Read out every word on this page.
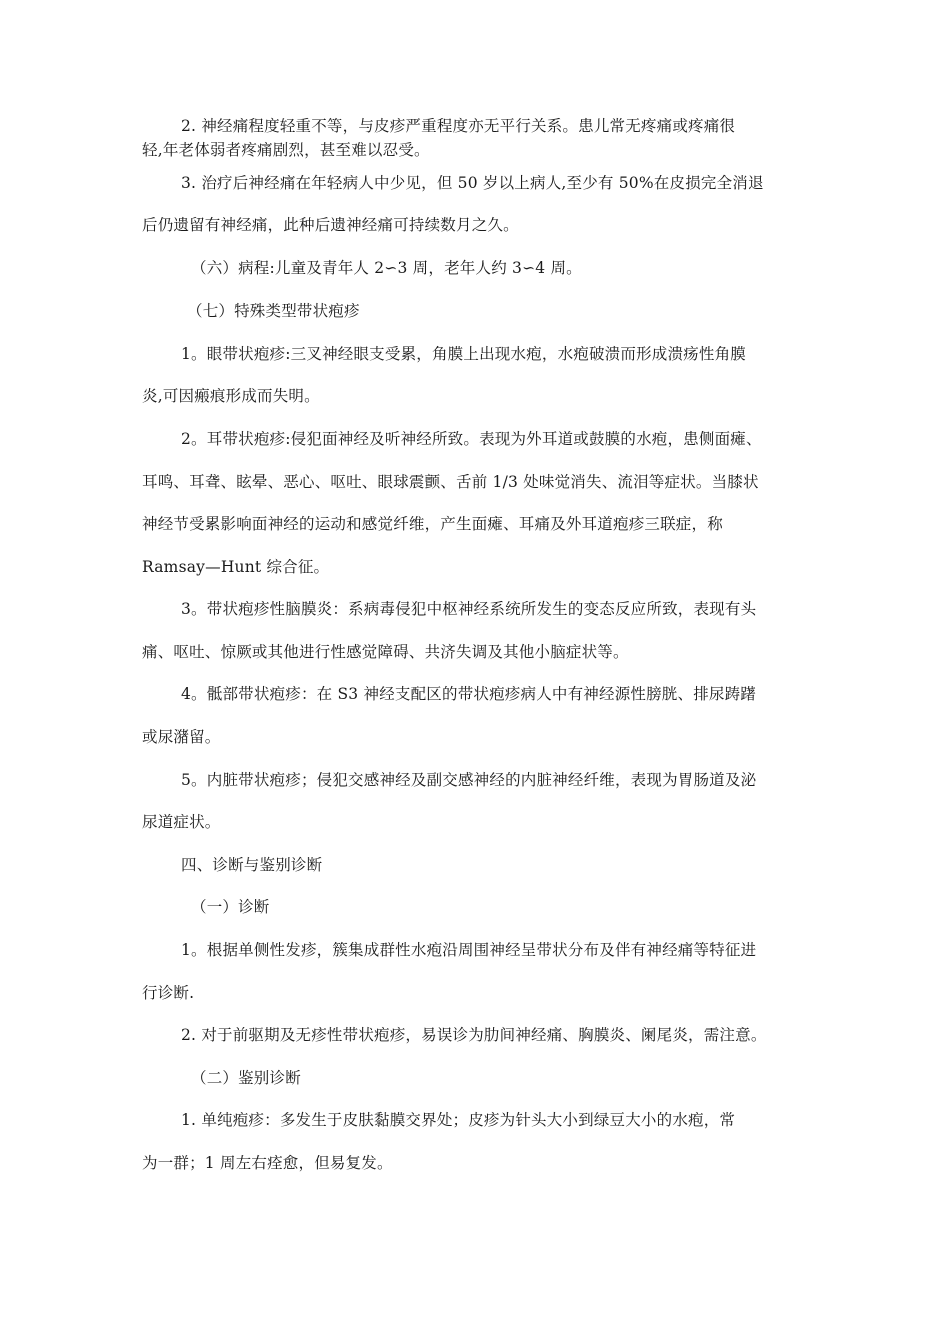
2. 神经痛程度轻重不等，与皮疹严重程度亦无平行关系。患儿常无疼痛或疼痛很
轻,年老体弱者疼痛剧烈，甚至难以忍受。
3. 治疗后神经痛在年轻病人中少见，但 50 岁以上病人,至少有 50%在皮损完全消退
后仍遗留有神经痛，此种后遗神经痛可持续数月之久。
（六）病程:儿童及青年人 2∽3 周，老年人约 3∽4 周。
（七）特殊类型带状疱疹
1。眼带状疱疹:三叉神经眼支受累，角膜上出现水疱，水疱破溃而形成溃疡性角膜
炎,可因瘢痕形成而失明。
2。耳带状疱疹:侵犯面神经及听神经所致。表现为外耳道或鼓膜的水疱，患侧面瘫、
耳鸣、耳聋、眩晕、恶心、呕吐、眼球震颤、舌前 1/3 处味觉消失、流泪等症状。当膝状
神经节受累影响面神经的运动和感觉纤维，产生面瘫、耳痛及外耳道疱疹三联症，称
Ramsay—Hunt 综合征。
3。带状疱疹性脑膜炎：系病毒侵犯中枢神经系统所发生的变态反应所致，表现有头
痛、呕吐、惊厥或其他进行性感觉障碍、共济失调及其他小脑症状等。
4。骶部带状疱疹：在 S3 神经支配区的带状疱疹病人中有神经源性膀胱、排尿踌躇
或尿潴留。
5。内脏带状疱疹；侵犯交感神经及副交感神经的内脏神经纤维，表现为胃肠道及泌
尿道症状。
四、诊断与鉴别诊断
（一）诊断
1。根据单侧性发疹，簇集成群性水疱沿周围神经呈带状分布及伴有神经痛等特征进
行诊断.
2. 对于前驱期及无疹性带状疱疹，易误诊为肋间神经痛、胸膜炎、阑尾炎，需注意。
（二）鉴别诊断
1. 单纯疱疹：多发生于皮肤黏膜交界处；皮疹为针头大小到绿豆大小的水疱，常
为一群；1 周左右痊愈，但易复发。
